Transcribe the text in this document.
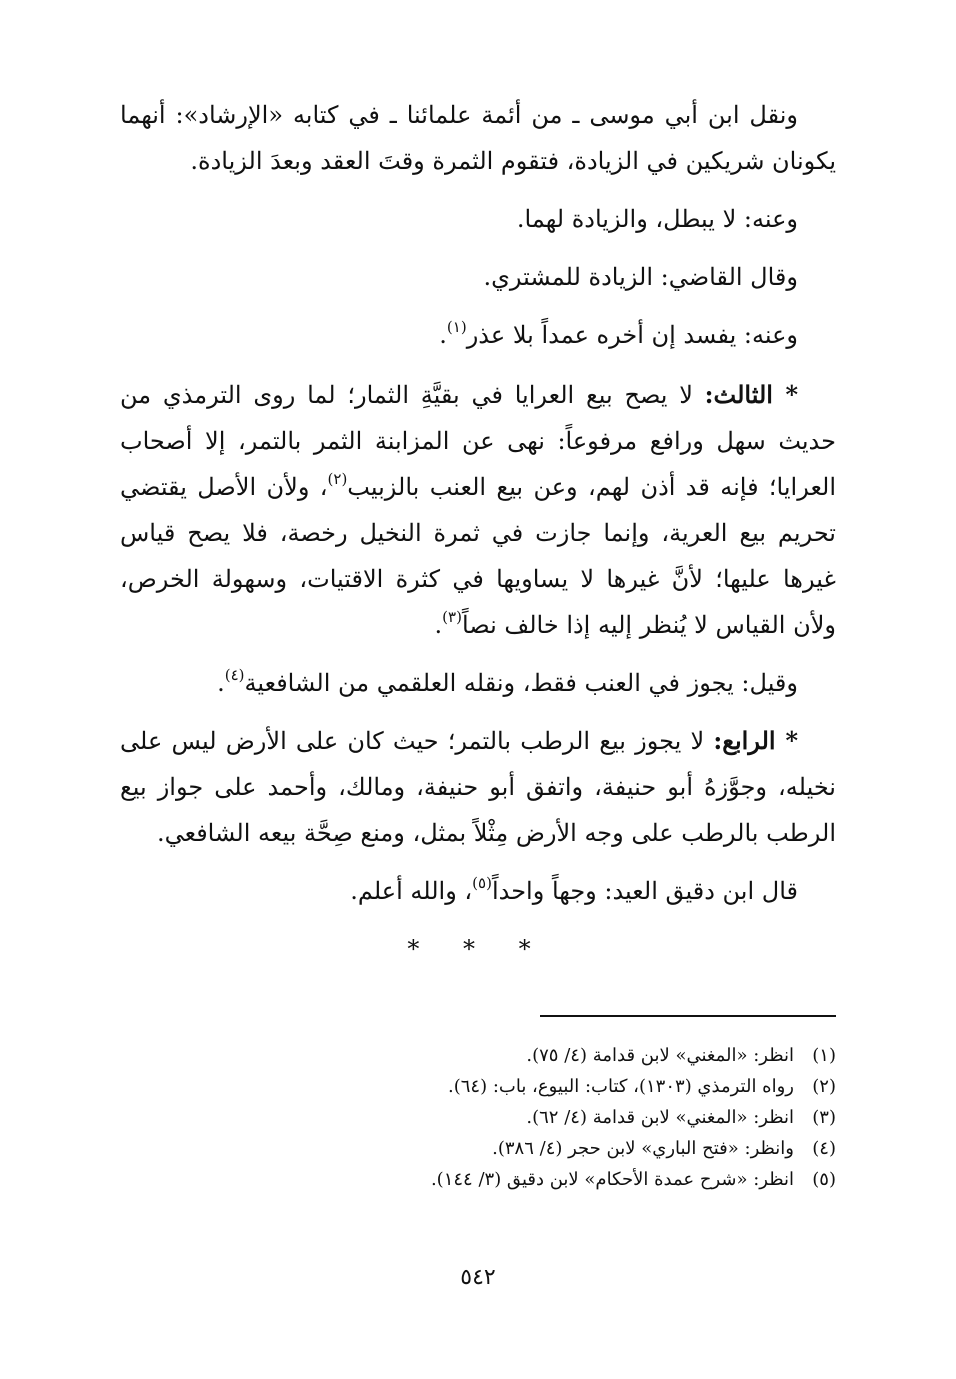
ونقل ابن أبي موسى ـ من أئمة علمائنا ـ في كتابه «الإرشاد»: أنهما يكونان شريكين في الزيادة، فتقوم الثمرة وقتَ العقد وبعدَ الزيادة.

وعنه: لا يبطل، والزيادة لهما.

وقال القاضي: الزيادة للمشتري.

وعنه: يفسد إن أخره عمداً بلا عذر$^{(١)}$.

* الثالث: لا يصح بيع العرايا في بقيَّةِ الثمار؛ لما روى الترمذي من حديث سهل ورافع مرفوعاً: نهى عن المزابنة الثمر بالتمر، إلا أصحاب العرايا؛ فإنه قد أذن لهم، وعن بيع العنب بالزبيب$^{(٢)}$، ولأن الأصل يقتضي تحريم بيع العرية، وإنما جازت في ثمرة النخيل رخصة، فلا يصح قياس غيرها عليها؛ لأنَّ غيرها لا يساويها في كثرة الاقتيات، وسهولة الخرص، ولأن القياس لا يُنظر إليه إذا خالف نصاً$^{(٣)}$.

وقيل: يجوز في العنب فقط، ونقله العلقمي من الشافعية$^{(٤)}$.

* الرابع: لا يجوز بيع الرطب بالتمر؛ حيث كان على الأرض ليس على نخيله، وجوَّزهُ أبو حنيفة، واتفق أبو حنيفة، ومالك، وأحمد على جواز بيع الرطب بالرطب على وجه الأرض مِثْلاً بمثل، ومنع صِحَّة بيعه الشافعي.

قال ابن دقيق العيد: وجهاً واحداً$^{(٥)}$، والله أعلم.

* * *
(١)
انظر: «المغني» لابن قدامة (٤/ ٧٥).
(٢)
رواه الترمذي (١٣٠٣)، كتاب: البيوع، باب: (٦٤).
(٣)
انظر: «المغني» لابن قدامة (٤/ ٦٢).
(٤)
وانظر: «فتح الباري» لابن حجر (٤/ ٣٨٦).
(٥)
انظر: «شرح عمدة الأحكام» لابن دقيق (٣/ ١٤٤).
٥٤٢
